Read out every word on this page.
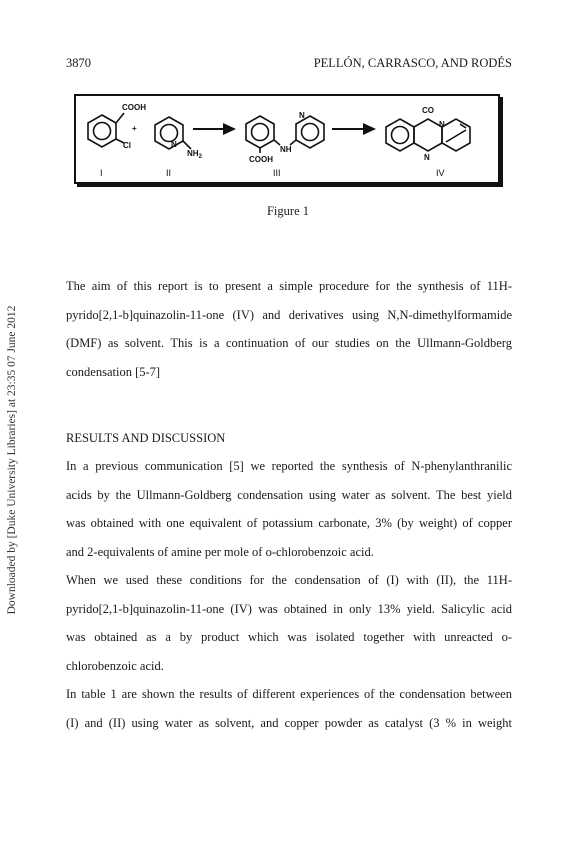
3870	PELLÓN, CARRASCO, AND RODÉS
COOH
+
Cl	N
$NH_2$
N
NH
COOH
CO
N
N
I	II	III	IV
Figure 1
Downloaded by [Duke University Libraries] at 23:35 07 June 2012
The aim of this report is to present a simple procedure for the synthesis of 11H-
pyrido[2,1-b]quinazolin-11-one (IV) and derivatives using N,N-dimethylformamide
(DMF) as solvent. This is a continuation of our studies on the Ullmann-Goldberg
condensation [5-7]
RESULTS AND DISCUSSION
In a previous communication [5] we reported the synthesis of N-phenylanthranilic
acids by the Ullmann-Goldberg condensation using water as solvent. The best yield
was obtained with one equivalent of potassium carbonate, 3% (by weight) of copper
and 2-equivalents of amine per mole of o-chlorobenzoic acid.
When we used these conditions for the condensation of (I) with (II), the 11H-
pyrido[2,1-b]quinazolin-11-one (IV) was obtained in only 13% yield. Salicylic acid
was obtained as a by product which was isolated together with unreacted o-
chlorobenzoic acid.
In table 1 are shown the results of different experiences of the condensation between
(I) and (II) using water as solvent, and copper powder as catalyst (3 % in weight
